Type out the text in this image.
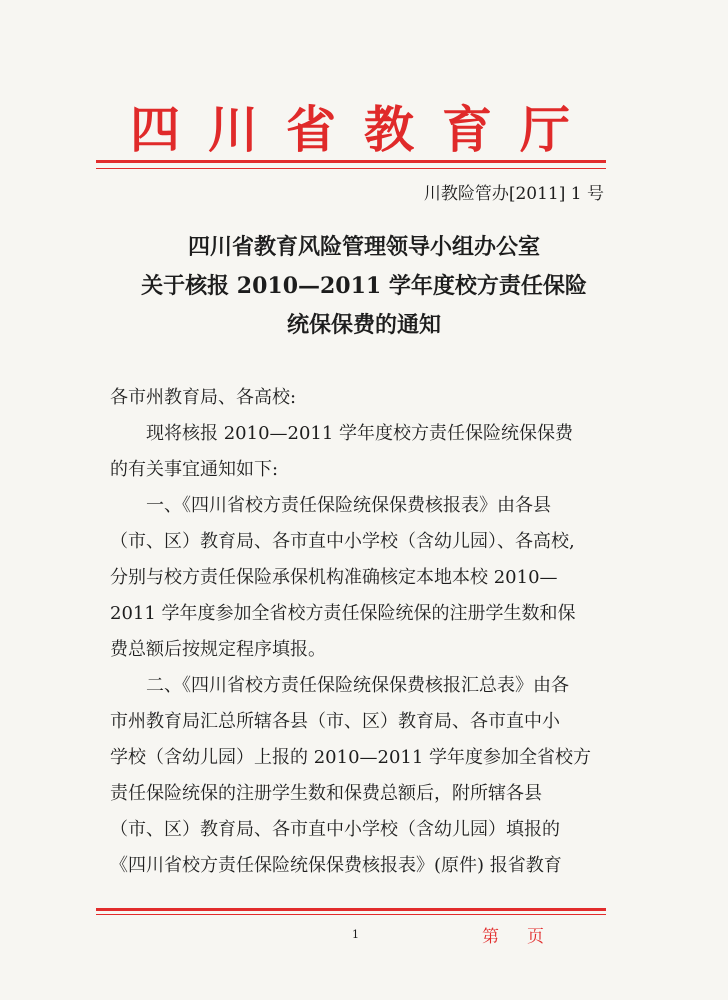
四川省教育厅
川教险管办[2011] 1 号
四川省教育风险管理领导小组办公室
关于核报 2010—2011 学年度校方责任保险
统保保费的通知
各市州教育局、各高校:
现将核报 2010—2011 学年度校方责任保险统保保费
的有关事宜通知如下:
一、《四川省校方责任保险统保保费核报表》由各县
（市、区）教育局、各市直中小学校（含幼儿园）、各高校,
分别与校方责任保险承保机构准确核定本地本校 2010—
2011 学年度参加全省校方责任保险统保的注册学生数和保
费总额后按规定程序填报。
二、《四川省校方责任保险统保保费核报汇总表》由各
市州教育局汇总所辖各县（市、区）教育局、各市直中小
学校（含幼儿园）上报的 2010—2011 学年度参加全省校方
责任保险统保的注册学生数和保费总额后，附所辖各县
（市、区）教育局、各市直中小学校（含幼儿园）填报的
《四川省校方责任保险统保保费核报表》(原件) 报省教育
1	第 页
